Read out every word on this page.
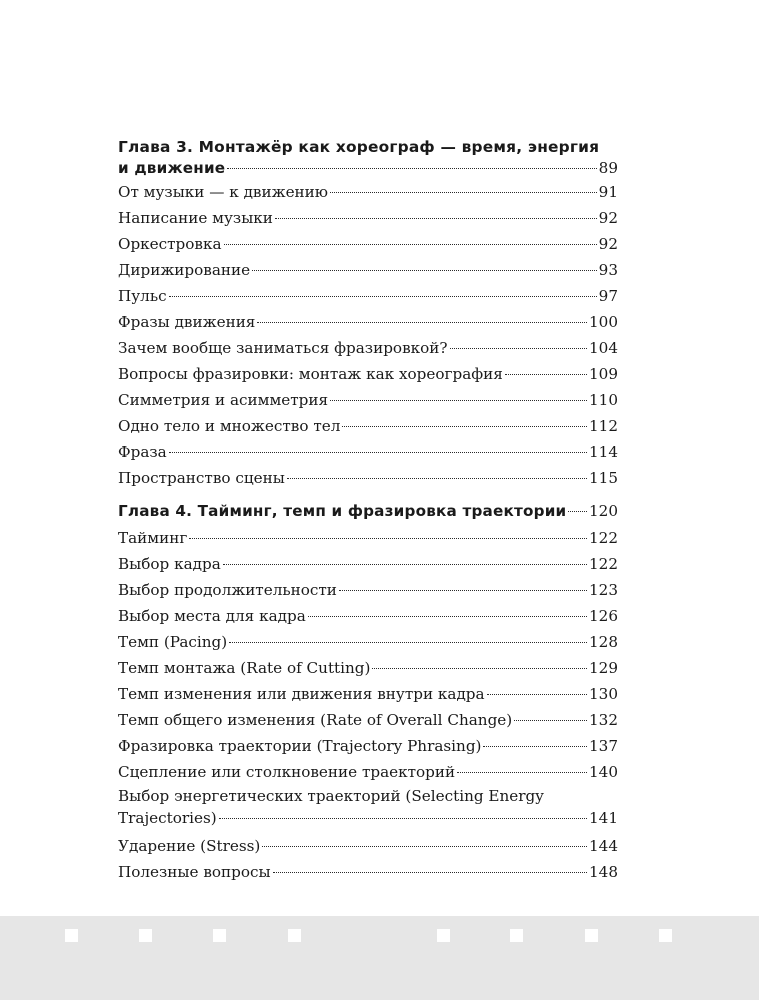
Глава 3. Монтажёр как хореограф — время, энергия
и движение	89
От музыки — к движению	91
Написание музыки	92
Оркестровка	92
Дирижирование	93
Пульс	97
Фразы движения	100
Зачем вообще заниматься фразировкой?	104
Вопросы фразировки: монтаж как хореография	109
Симметрия и асимметрия	110
Одно тело и множество тел	112
Фраза	114
Пространство сцены	115
Глава 4. Тайминг, темп и фразировка траектории 120
Тайминг	122
Выбор кадра	122
Выбор продолжительности	123
Выбор места для кадра	126
Темп (Pacing)	128
Темп монтажа (Rate of Cutting)	129
Темп изменения или движения внутри кадра	130
Темп общего изменения (Rate of Overall Change)	132
Фразировка траектории (Trajectory Phrasing)	137
Сцепление или столкновение траекторий	140
Выбор энергетических траекторий (Selecting Energy
Trajectories)	141
Ударение (Stress)	144
Полезные вопросы	148
